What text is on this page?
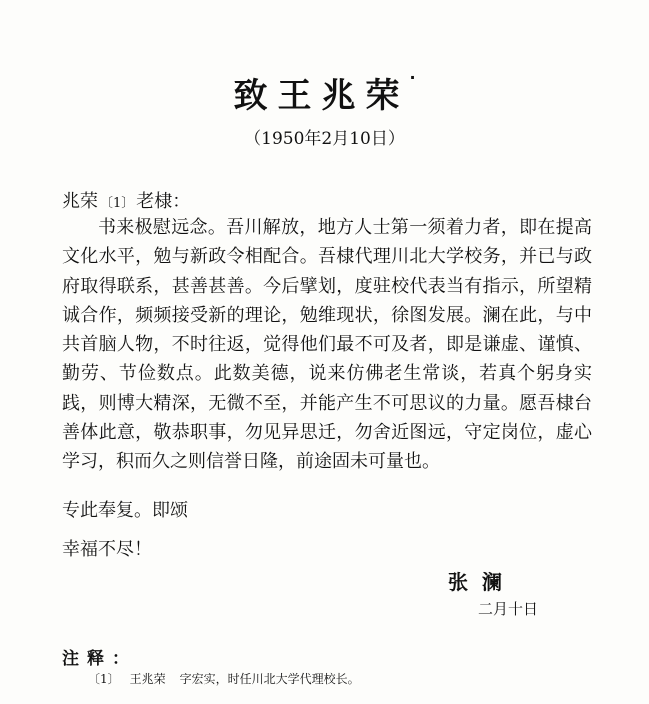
致王兆荣·
（1950年2月10日）
兆荣 〔1〕 老棣：

书来极慰远念。吾川解放，地方人士第一须着力者，即在提高文化水平，勉与新政令相配合。吾棣代理川北大学校务，并已与政府取得联系，甚善甚善。今后擘划，度驻校代表当有指示，所望精诚合作，频频接受新的理论，勉维现状，徐图发展。澜在此，与中共首脑人物，不时往返，觉得他们最不可及者，即是谦虚、谨慎、勤劳、节俭数点。此数美德，说来仿佛老生常谈，若真个躬身实践，则博大精深，无微不至，并能产生不可思议的力量。愿吾棣台善体此意，敬恭职事，勿见异思迁，勿舍近图远，守定岗位，虚心学习，积而久之则信誉日隆，前途固未可量也。

专此奉复。即颂
幸福不尽！
张澜
二月十日
注释：
〔1〕 王兆荣 字宏实，时任川北大学代理校长。
